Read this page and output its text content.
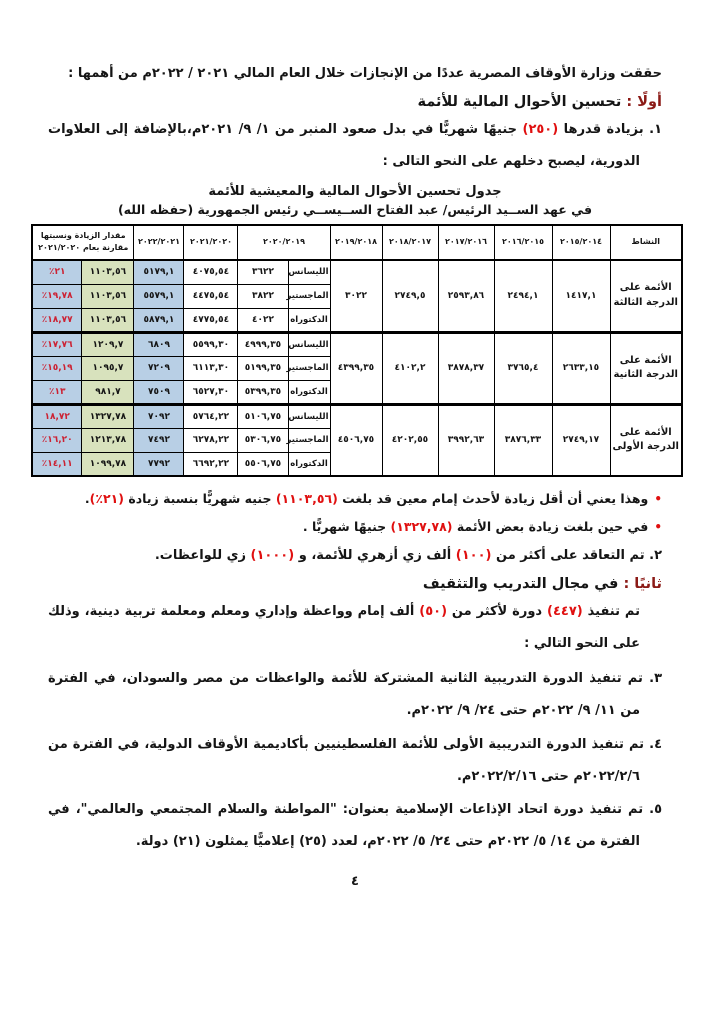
حققت وزارة الأوقاف المصرية عددًا من الإنجازات خلال العام المالي ٢٠٢١ / ٢٠٢٢م من أهمها :

أولًا : تحسين الأحوال المالية للأئمة

١. بزيادة قدرها (٢٥٠) جنيهًا شهريًّا في بدل صعود المنبر من ١/ ٩/ ٢٠٢١م،بالإضافة إلى العلاوات الدورية، ليصبح دخلهم على النحو التالى :

جدول تحسين الأحوال المالية والمعيشية للأئمة
في عهد الســيد الرئيس/ عبد الفتاح الســيســي رئيس الجمهورية (حفظه الله)
النشاط	٢٠١٥/٢٠١٤	٢٠١٦/٢٠١٥	٢٠١٧/٢٠١٦	٢٠١٨/٢٠١٧	٢٠١٩/٢٠١٨	٢٠٢٠/٢٠١٩		٢٠٢١/٢٠٢٠	٢٠٢٢/٢٠٢١	مقدار الزيادة ونسبتها مقارنة بعام ٢٠٢١/٢٠٢٠	
الأئمة على الدرجة الثالثة	١٤١٧,١	٢٤٩٤,١	٢٥٩٣,٨٦	٢٧٤٩,٥	٣٠٢٢	الليسانس	٣٦٢٢	٤٠٧٥,٥٤	٥١٧٩,١	١١٠٣,٥٦	٢١٪
						الماجستير	٣٨٢٢	٤٤٧٥,٥٤	٥٥٧٩,١	١١٠٣,٥٦	١٩,٧٨٪
						الدكتوراه	٤٠٢٢	٤٧٧٥,٥٤	٥٨٧٩,١	١١٠٣,٥٦	١٨,٧٧٪
الأئمة على الدرجة الثانية	٢٦٣٣,١٥	٣٧٦٥,٤	٣٨٧٨,٣٧	٤١٠٢,٢	٤٣٩٩,٣٥	الليسانس	٤٩٩٩,٣٥	٥٥٩٩,٣٠	٦٨٠٩	١٢٠٩,٧	١٧,٧٦٪
						الماجستير	٥١٩٩,٣٥	٦١١٣,٣٠	٧٢٠٩	١٠٩٥,٧	١٥,١٩٪
						الدكتوراه	٥٣٩٩,٣٥	٦٥٢٧,٣٠	٧٥٠٩	٩٨١,٧	١٣٪
الأئمة على الدرجة الأولى	٢٧٤٩,١٧	٣٨٧٦,٣٣	٣٩٩٢,٦٣	٤٢٠٢,٥٥	٤٥٠٦,٧٥	الليسانس	٥١٠٦,٧٥	٥٧٦٤,٢٢	٧٠٩٢	١٣٢٧,٧٨	١٨,٧٢
						الماجستير	٥٣٠٦,٧٥	٦٢٧٨,٢٢	٧٤٩٢	١٢١٣,٧٨	١٦,٢٠٪
						الدكتوراه	٥٥٠٦,٧٥	٦٦٩٢,٢٢	٧٧٩٢	١٠٩٩,٧٨	١٤,١١٪
•وهذا يعني أن أقل زيادة لأحدث إمام معين قد بلغت (١١٠٣,٥٦) جنيه شهريًّا بنسبة زيادة (٢١٪).
•في حين بلغت زيادة بعض الأئمة (١٣٢٧,٧٨) جنيهًا شهريًّا .

٢. تم التعاقد على أكثر من (١٠٠) ألف زي أزهري للأئمة، و (١٠٠٠) زي للواعظات.

ثانيًا : في مجال التدريب والتثقيف

تم تنفيذ (٤٤٧) دورة لأكثر من (٥٠) ألف إمام وواعظة وإداري ومعلم ومعلمة تربية دينية، وذلك على النحو التالي :

٣. تم تنفيذ الدورة التدريبية الثانية المشتركة للأئمة والواعظات من مصر والسودان، في الفترة من ١١/ ٩/ ٢٠٢٢م حتى ٢٤/ ٩/ ٢٠٢٢م.

٤. تم تنفيذ الدورة التدريبية الأولى للأئمة الفلسطينيين بأكاديمية الأوقاف الدولية، في الفترة من ٢٠٢٢/٢/٦م حتى ٢٠٢٢/٢/١٦م.

٥. تم تنفيذ دورة اتحاد الإذاعات الإسلامية بعنوان: "المواطنة والسلام المجتمعي والعالمي"، في الفترة من ١٤/ ٥/ ٢٠٢٢م حتى ٢٤/ ٥/ ٢٠٢٢م، لعدد (٢٥) إعلاميًّا يمثلون (٢١) دولة.

٤
